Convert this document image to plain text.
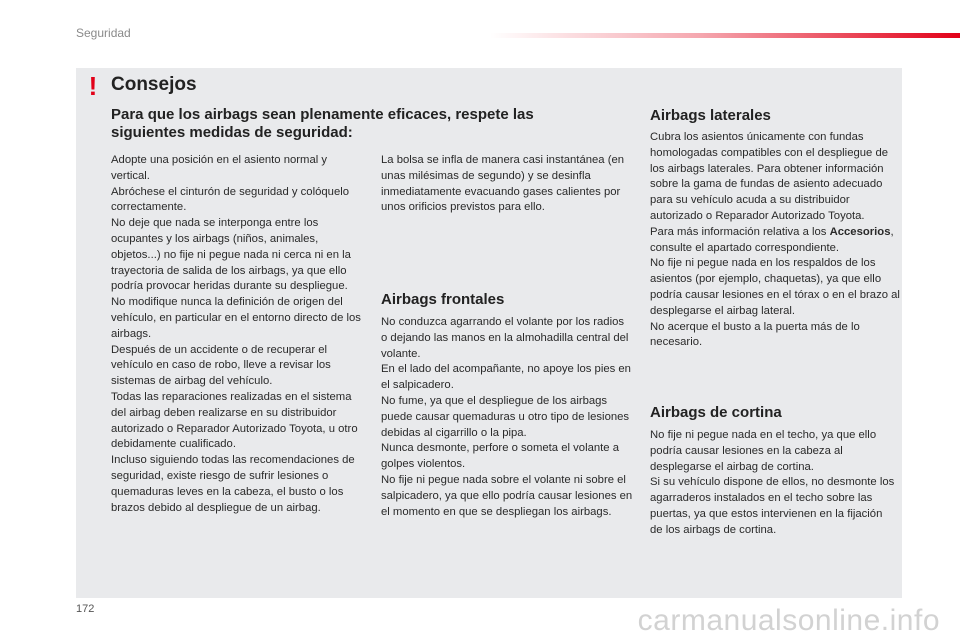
Seguridad
! Consejos
Para que los airbags sean plenamente eficaces, respete las siguientes medidas de seguridad:
Adopte una posición en el asiento normal y vertical.
Abróchese el cinturón de seguridad y colóquelo correctamente.
No deje que nada se interponga entre los ocupantes y los airbags (niños, animales, objetos...) no fije ni pegue nada ni cerca ni en la trayectoria de salida de los airbags, ya que ello podría provocar heridas durante su despliegue.
No modifique nunca la definición de origen del vehículo, en particular en el entorno directo de los airbags.
Después de un accidente o de recuperar el vehículo en caso de robo, lleve a revisar los sistemas de airbag del vehículo.
Todas las reparaciones realizadas en el sistema del airbag deben realizarse en su distribuidor autorizado o Reparador Autorizado Toyota, u otro debidamente cualificado.
Incluso siguiendo todas las recomendaciones de seguridad, existe riesgo de sufrir lesiones o quemaduras leves en la cabeza, el busto o los brazos debido al despliegue de un airbag.
La bolsa se infla de manera casi instantánea (en unas milésimas de segundo) y se desinfla inmediatamente evacuando gases calientes por unos orificios previstos para ello.
Airbags frontales
No conduzca agarrando el volante por los radios o dejando las manos en la almohadilla central del volante.
En el lado del acompañante, no apoye los pies en el salpicadero.
No fume, ya que el despliegue de los airbags puede causar quemaduras u otro tipo de lesiones debidas al cigarrillo o la pipa.
Nunca desmonte, perfore o someta el volante a golpes violentos.
No fije ni pegue nada sobre el volante ni sobre el salpicadero, ya que ello podría causar lesiones en el momento en que se despliegan los airbags.
Airbags laterales
Cubra los asientos únicamente con fundas homologadas compatibles con el despliegue de los airbags laterales. Para obtener información sobre la gama de fundas de asiento adecuado para su vehículo acuda a su distribuidor autorizado o Reparador Autorizado Toyota.
Para más información relativa a los Accesorios, consulte el apartado correspondiente.
No fije ni pegue nada en los respaldos de los asientos (por ejemplo, chaquetas), ya que ello podría causar lesiones en el tórax o en el brazo al desplegarse el airbag lateral.
No acerque el busto a la puerta más de lo necesario.
Airbags de cortina
No fije ni pegue nada en el techo, ya que ello podría causar lesiones en la cabeza al desplegarse el airbag de cortina.
Si su vehículo dispone de ellos, no desmonte los agarraderos instalados en el techo sobre las puertas, ya que estos intervienen en la fijación de los airbags de cortina.
172	carmanualsonline.info
